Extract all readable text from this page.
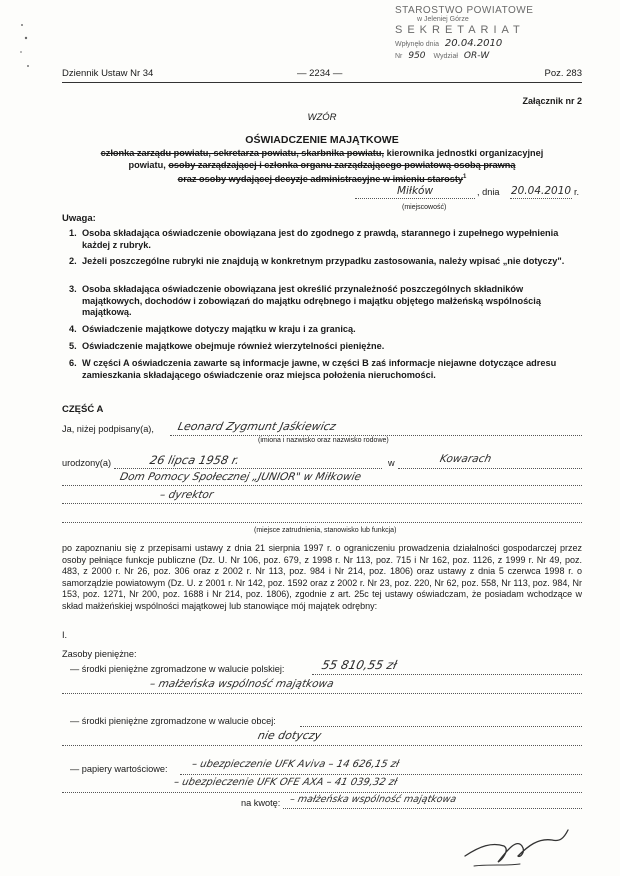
STAROSTWO POWIATOWE
w Jeleniej Górze
SEKRETARIAT
Wpłynęło dnia 20.04.2010
Nr 950 Wydział OR-W
Dziennik Ustaw Nr 34	— 2234 —	Poz. 283
Załącznik nr 2
WZÓR
OŚWIADCZENIE MAJĄTKOWE
członka zarządu powiatu, sekretarza powiatu, skarbnika powiatu, kierownika jednostki organizacyjnej
powiatu, osoby zarządzającej i członka organu zarządzającego powiatową osobą prawną
oraz osoby wydającej decyzje administracyjne w imieniu starosty$^1$
Miłków	, dnia 20.04.2010 r.
(miejscowość)
Uwaga:
1. Osoba składająca oświadczenie obowiązana jest do zgodnego z prawdą, starannego i zupełnego wypełnienia każdej z rubryk.
2. Jeżeli poszczególne rubryki nie znajdują w konkretnym przypadku zastosowania, należy wpisać „nie dotyczy".
3. Osoba składająca oświadczenie obowiązana jest określić przynależność poszczególnych składników majątkowych, dochodów i zobowiązań do majątku odrębnego i majątku objętego małżeńską wspólnością majątkową.
4. Oświadczenie majątkowe dotyczy majątku w kraju i za granicą.
5. Oświadczenie majątkowe obejmuje również wierzytelności pieniężne.
6. W części A oświadczenia zawarte są informacje jawne, w części B zaś informacje niejawne dotyczące adresu zamieszkania składającego oświadczenie oraz miejsca położenia nieruchomości.
CZĘŚĆ A
Ja, niżej podpisany(a), Leonard Zygmunt Jaśkiewicz
(imiona i nazwisko oraz nazwisko rodowe)
urodzony(a)	26 lipca 1958 r.	w	Kowarach
Dom Pomocy Społecznej „JUNIOR" w Miłkowie
– dyrektor
(miejsce zatrudnienia, stanowisko lub funkcja)
po zapoznaniu się z przepisami ustawy z dnia 21 sierpnia 1997 r. o ograniczeniu prowadzenia działalności gospodarczej przez osoby pełniące funkcje publiczne (Dz. U. Nr 106, poz. 679, z 1998 r. Nr 113, poz. 715 i Nr 162, poz. 1126, z 1999 r. Nr 49, poz. 483, z 2000 r. Nr 26, poz. 306 oraz z 2002 r. Nr 113, poz. 984 i Nr 214, poz. 1806) oraz ustawy z dnia 5 czerwca 1998 r. o samorządzie powiatowym (Dz. U. z 2001 r. Nr 142, poz. 1592 oraz z 2002 r. Nr 23, poz. 220, Nr 62, poz. 558, Nr 113, poz. 984, Nr 153, poz. 1271, Nr 200, poz. 1688 i Nr 214, poz. 1806), zgodnie z art. 25c tej ustawy oświadczam, że posiadam wchodzące w skład małżeńskiej wspólności majątkowej lub stanowiące mój majątek odrębny:
I.
Zasoby pieniężne:
— środki pieniężne zgromadzone w walucie polskiej:	55 810,55 zł
– małżeńska wspólność majątkowa
— środki pieniężne zgromadzone w walucie obcej:
nie dotyczy
— papiery wartościowe: – ubezpieczenie UFK Aviva – 14 626,15 zł
– ubezpieczenie UFK OFE AXA – 41 039,32 zł
na kwotę: – małżeńska wspólność majątkowa
